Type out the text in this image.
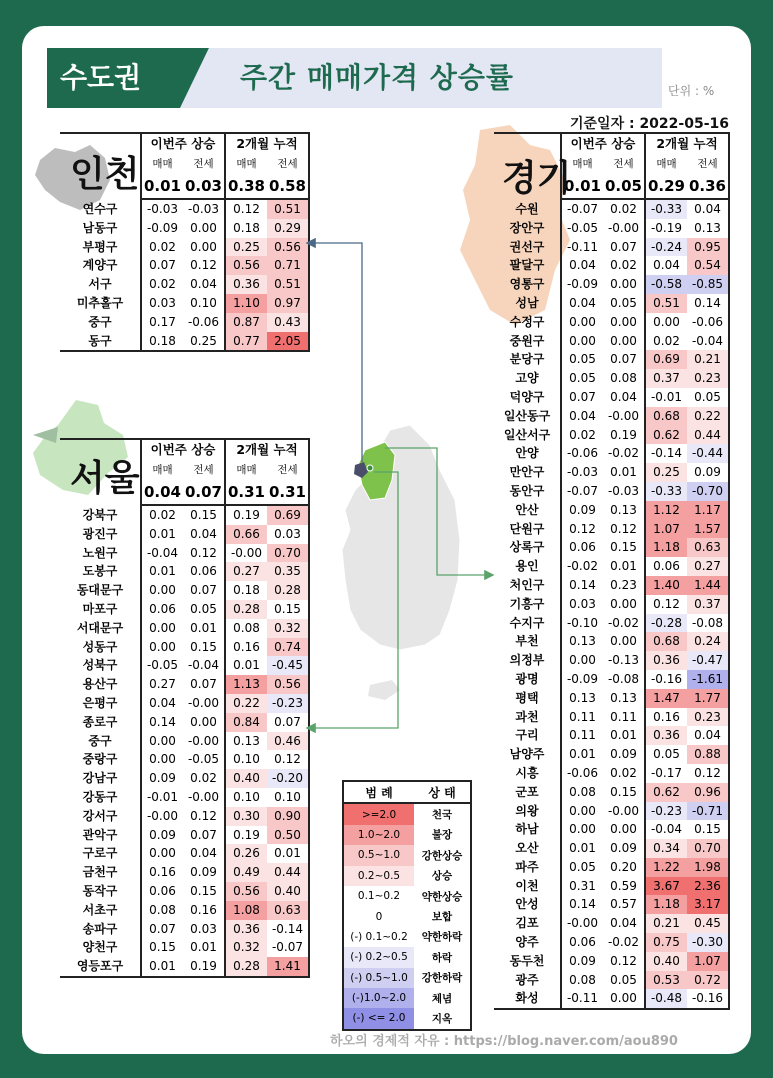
수도권	주간 매매가격 상승률	단위 : %
기준일자 : 2022-05-16
인천
서울
경기
	이번주 상승		2개월 누적	
	매매	전세	매매	전세
	0.01	0.03	0.38	0.58
연수구	-0.03	-0.03	0.12	0.51
남동구	-0.09	0.00	0.18	0.29
부평구	0.02	0.00	0.25	0.56
계양구	0.07	0.12	0.56	0.71
서구	0.02	0.04	0.36	0.51
미추홀구	0.03	0.10	1.10	0.97
중구	0.17	-0.06	0.87	0.43
동구	0.18	0.25	0.77	2.05
	이번주 상승		2개월 누적	
	매매	전세	매매	전세
	0.04	0.07	0.31	0.31
강북구	0.02	0.15	0.19	0.69
광진구	0.01	0.04	0.66	0.03
노원구	-0.04	0.12	-0.00	0.70
도봉구	0.01	0.06	0.27	0.35
동대문구	0.00	0.07	0.18	0.28
마포구	0.06	0.05	0.28	0.15
서대문구	0.00	0.01	0.08	0.32
성동구	0.00	0.15	0.16	0.74
성북구	-0.05	-0.04	0.01	-0.45
용산구	0.27	0.07	1.13	0.56
은평구	0.04	-0.00	0.22	-0.23
종로구	0.14	0.00	0.84	0.07
중구	0.00	-0.00	0.13	0.46
중랑구	0.00	-0.05	0.10	0.12
강남구	0.09	0.02	0.40	-0.20
강동구	-0.01	-0.00	0.10	0.10
강서구	-0.00	0.12	0.30	0.90
관악구	0.09	0.07	0.19	0.50
구로구	0.00	0.04	0.26	0.01
금천구	0.16	0.09	0.49	0.44
동작구	0.06	0.15	0.56	0.40
서초구	0.08	0.16	1.08	0.63
송파구	0.07	0.03	0.36	-0.14
양천구	0.15	0.01	0.32	-0.07
영등포구	0.01	0.19	0.28	1.41
	이번주 상승		2개월 누적	
	매매	전세	매매	전세
	0.01	0.05	0.29	0.36
수원	-0.07	0.02	-0.33	0.04
장안구	-0.05	-0.00	-0.19	0.13
권선구	-0.11	0.07	-0.24	0.95
팔달구	0.04	0.02	0.04	0.54
영통구	-0.09	0.00	-0.58	-0.85
성남	0.04	0.05	0.51	0.14
수정구	0.00	0.00	0.00	-0.06
중원구	0.00	0.00	0.02	-0.04
분당구	0.05	0.07	0.69	0.21
고양	0.05	0.08	0.37	0.23
덕양구	0.07	0.04	-0.01	0.05
일산동구	0.04	-0.00	0.68	0.22
일산서구	0.02	0.19	0.62	0.44
안양	-0.06	-0.02	-0.14	-0.44
만안구	-0.03	0.01	0.25	0.09
동안구	-0.07	-0.03	-0.33	-0.70
안산	0.09	0.13	1.12	1.17
단원구	0.12	0.12	1.07	1.57
상록구	0.06	0.15	1.18	0.63
용인	-0.02	0.01	0.06	0.27
처인구	0.14	0.23	1.40	1.44
기흥구	0.03	0.00	0.12	0.37
수지구	-0.10	-0.02	-0.28	-0.08
부천	0.13	0.00	0.68	0.24
의정부	0.00	-0.13	0.36	-0.47
광명	-0.09	-0.08	-0.16	-1.61
평택	0.13	0.13	1.47	1.77
과천	0.11	0.11	0.16	0.23
구리	0.11	0.01	0.36	0.04
남양주	0.01	0.09	0.05	0.88
시흥	-0.06	0.02	-0.17	0.12
군포	0.08	0.15	0.62	0.96
의왕	0.00	-0.00	-0.23	-0.71
하남	0.00	0.00	-0.04	0.15
오산	0.01	0.09	0.34	0.70
파주	0.05	0.20	1.22	1.98
이천	0.31	0.59	3.67	2.36
안성	0.14	0.57	1.18	3.17
김포	-0.00	0.04	0.21	0.45
양주	0.06	-0.02	0.75	-0.30
동두천	0.09	0.12	0.40	1.07
광주	0.08	0.05	0.53	0.72
화성	-0.11	0.00	-0.48	-0.16
범 례	상 태
>=2.0	천국
1.0~2.0	불장
0.5~1.0	강한상승
0.2~0.5	상승
0.1~0.2	약한상승
0	보합
(-) 0.1~0.2	약한하락
(-) 0.2~0.5	하락
(-) 0.5~1.0	강한하락
(-)1.0~2.0	체념
(-) <= 2.0	지옥
하오의 경제적 자유 : https://blog.naver.com/aou890
